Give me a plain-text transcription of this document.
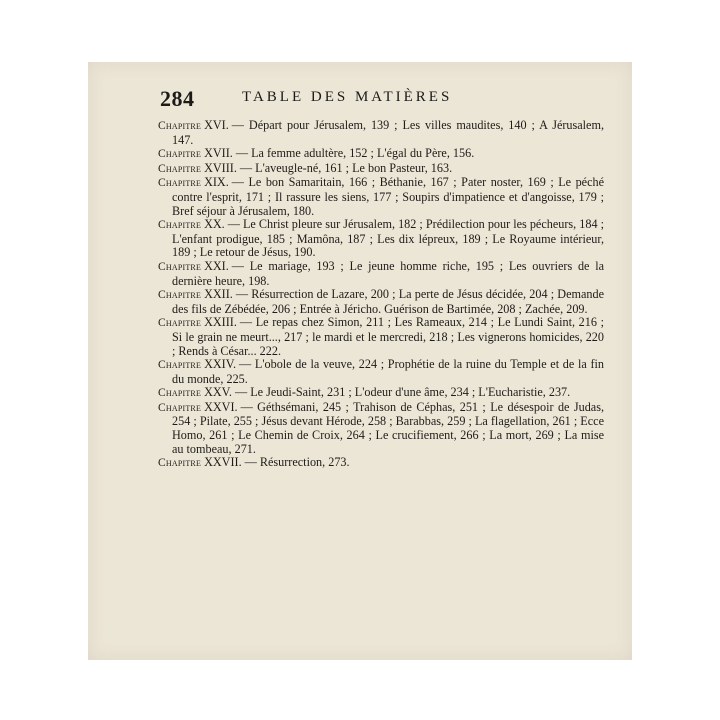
284	TABLE DES MATIÈRES

Chapitre XVI. — Départ pour Jérusalem, 139 ; Les villes maudites, 140 ; A Jérusalem, 147.

Chapitre XVII. — La femme adultère, 152 ; L'égal du Père, 156.

Chapitre XVIII. — L'aveugle-né, 161 ; Le bon Pasteur, 163.

Chapitre XIX. — Le bon Samaritain, 166 ; Béthanie, 167 ; Pater noster, 169 ; Le péché contre l'esprit, 171 ; Il rassure les siens, 177 ; Soupirs d'impatience et d'angoisse, 179 ; Bref séjour à Jérusalem, 180.

Chapitre XX. — Le Christ pleure sur Jérusalem, 182 ; Prédilection pour les pécheurs, 184 ; L'enfant prodigue, 185 ; Mamôna, 187 ; Les dix lépreux, 189 ; Le Royaume intérieur, 189 ; Le retour de Jésus, 190.

Chapitre XXI. — Le mariage, 193 ; Le jeune homme riche, 195 ; Les ouvriers de la dernière heure, 198.

Chapitre XXII. — Résurrection de Lazare, 200 ; La perte de Jésus décidée, 204 ; Demande des fils de Zébédée, 206 ; Entrée à Jéricho. Guérison de Bartimée, 208 ; Zachée, 209.

Chapitre XXIII. — Le repas chez Simon, 211 ; Les Rameaux, 214 ; Le Lundi Saint, 216 ; Si le grain ne meurt..., 217 ; le mardi et le mercredi, 218 ; Les vignerons homicides, 220 ; Rends à César... 222.

Chapitre XXIV. — L'obole de la veuve, 224 ; Prophétie de la ruine du Temple et de la fin du monde, 225.

Chapitre XXV. — Le Jeudi-Saint, 231 ; L'odeur d'une âme, 234 ; L'Eucharistie, 237.

Chapitre XXVI. — Géthsémani, 245 ; Trahison de Céphas, 251 ; Le désespoir de Judas, 254 ; Pilate, 255 ; Jésus devant Hérode, 258 ; Barabbas, 259 ; La flagellation, 261 ; Ecce Homo, 261 ; Le Chemin de Croix, 264 ; Le crucifiement, 266 ; La mort, 269 ; La mise au tombeau, 271.

Chapitre XXVII. — Résurrection, 273.
